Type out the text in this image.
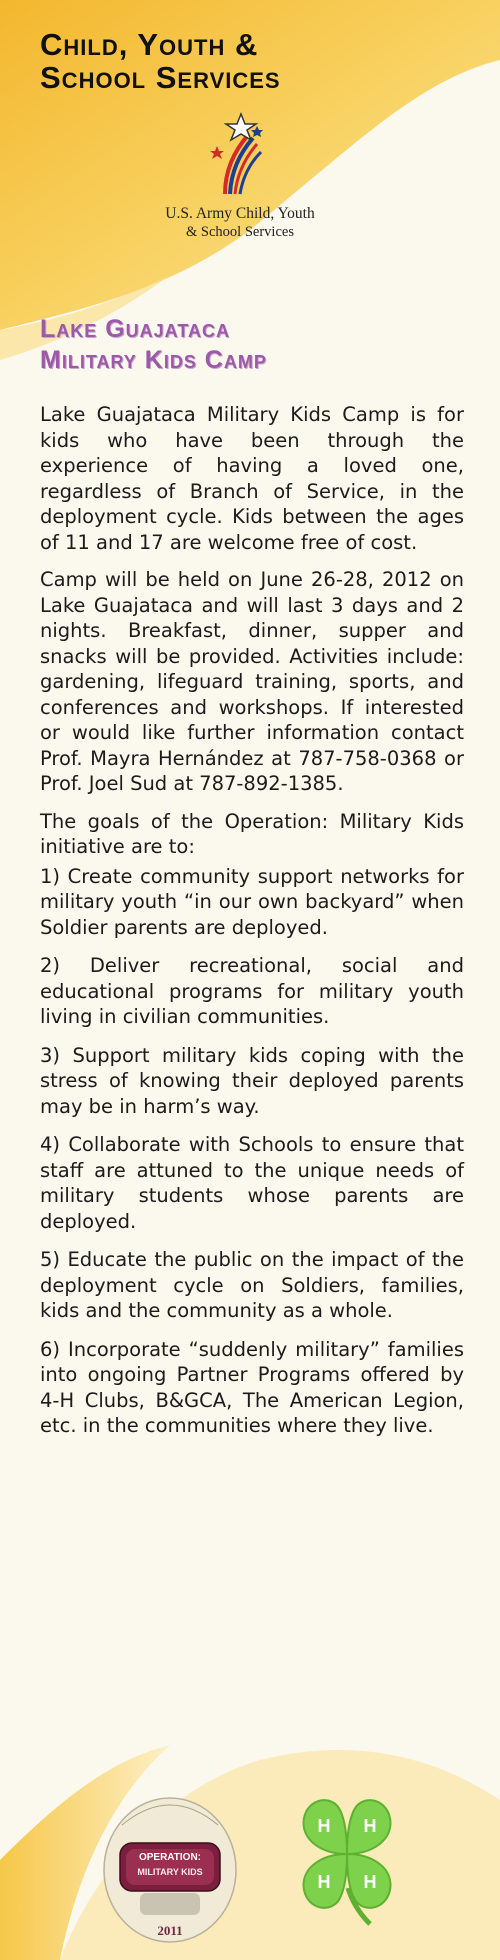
Child, Youth &
School Services
U.S. Army Child, Youth
& School Services
Lake Guajataca
Military Kids Camp

Lake Guajataca Military Kids Camp is for kids who have been through the experience of having a loved one, regardless of Branch of Service, in the deployment cycle. Kids between the ages of 11 and 17 are welcome free of cost.

Camp will be held on June 26-28, 2012 on Lake Guajataca and will last 3 days and 2 nights. Breakfast, dinner, supper and snacks will be provided. Activities include: gardening, lifeguard training, sports, and conferences and workshops. If interested or would like further information contact Prof. Mayra Hernández at 787-758-0368 or Prof. Joel Sud at 787-892-1385.

The goals of the Operation: Military Kids initiative are to:

1) Create community support networks for military youth “in our own backyard” when Soldier parents are deployed.

2) Deliver recreational, social and educational programs for military youth living in civilian communities.

3) Support military kids coping with the stress of knowing their deployed parents may be in harm’s way.

4) Collaborate with Schools to ensure that staff are attuned to the unique needs of military students whose parents are deployed.

5) Educate the public on the impact of the deployment cycle on Soldiers, families, kids and the community as a whole.

6) Incorporate “suddenly military” families into ongoing Partner Programs offered by 4-H Clubs, B&GCA, The American Legion, etc. in the communities where they live.

OPERATION:
MILITARY KIDS
2011
H H
H H
